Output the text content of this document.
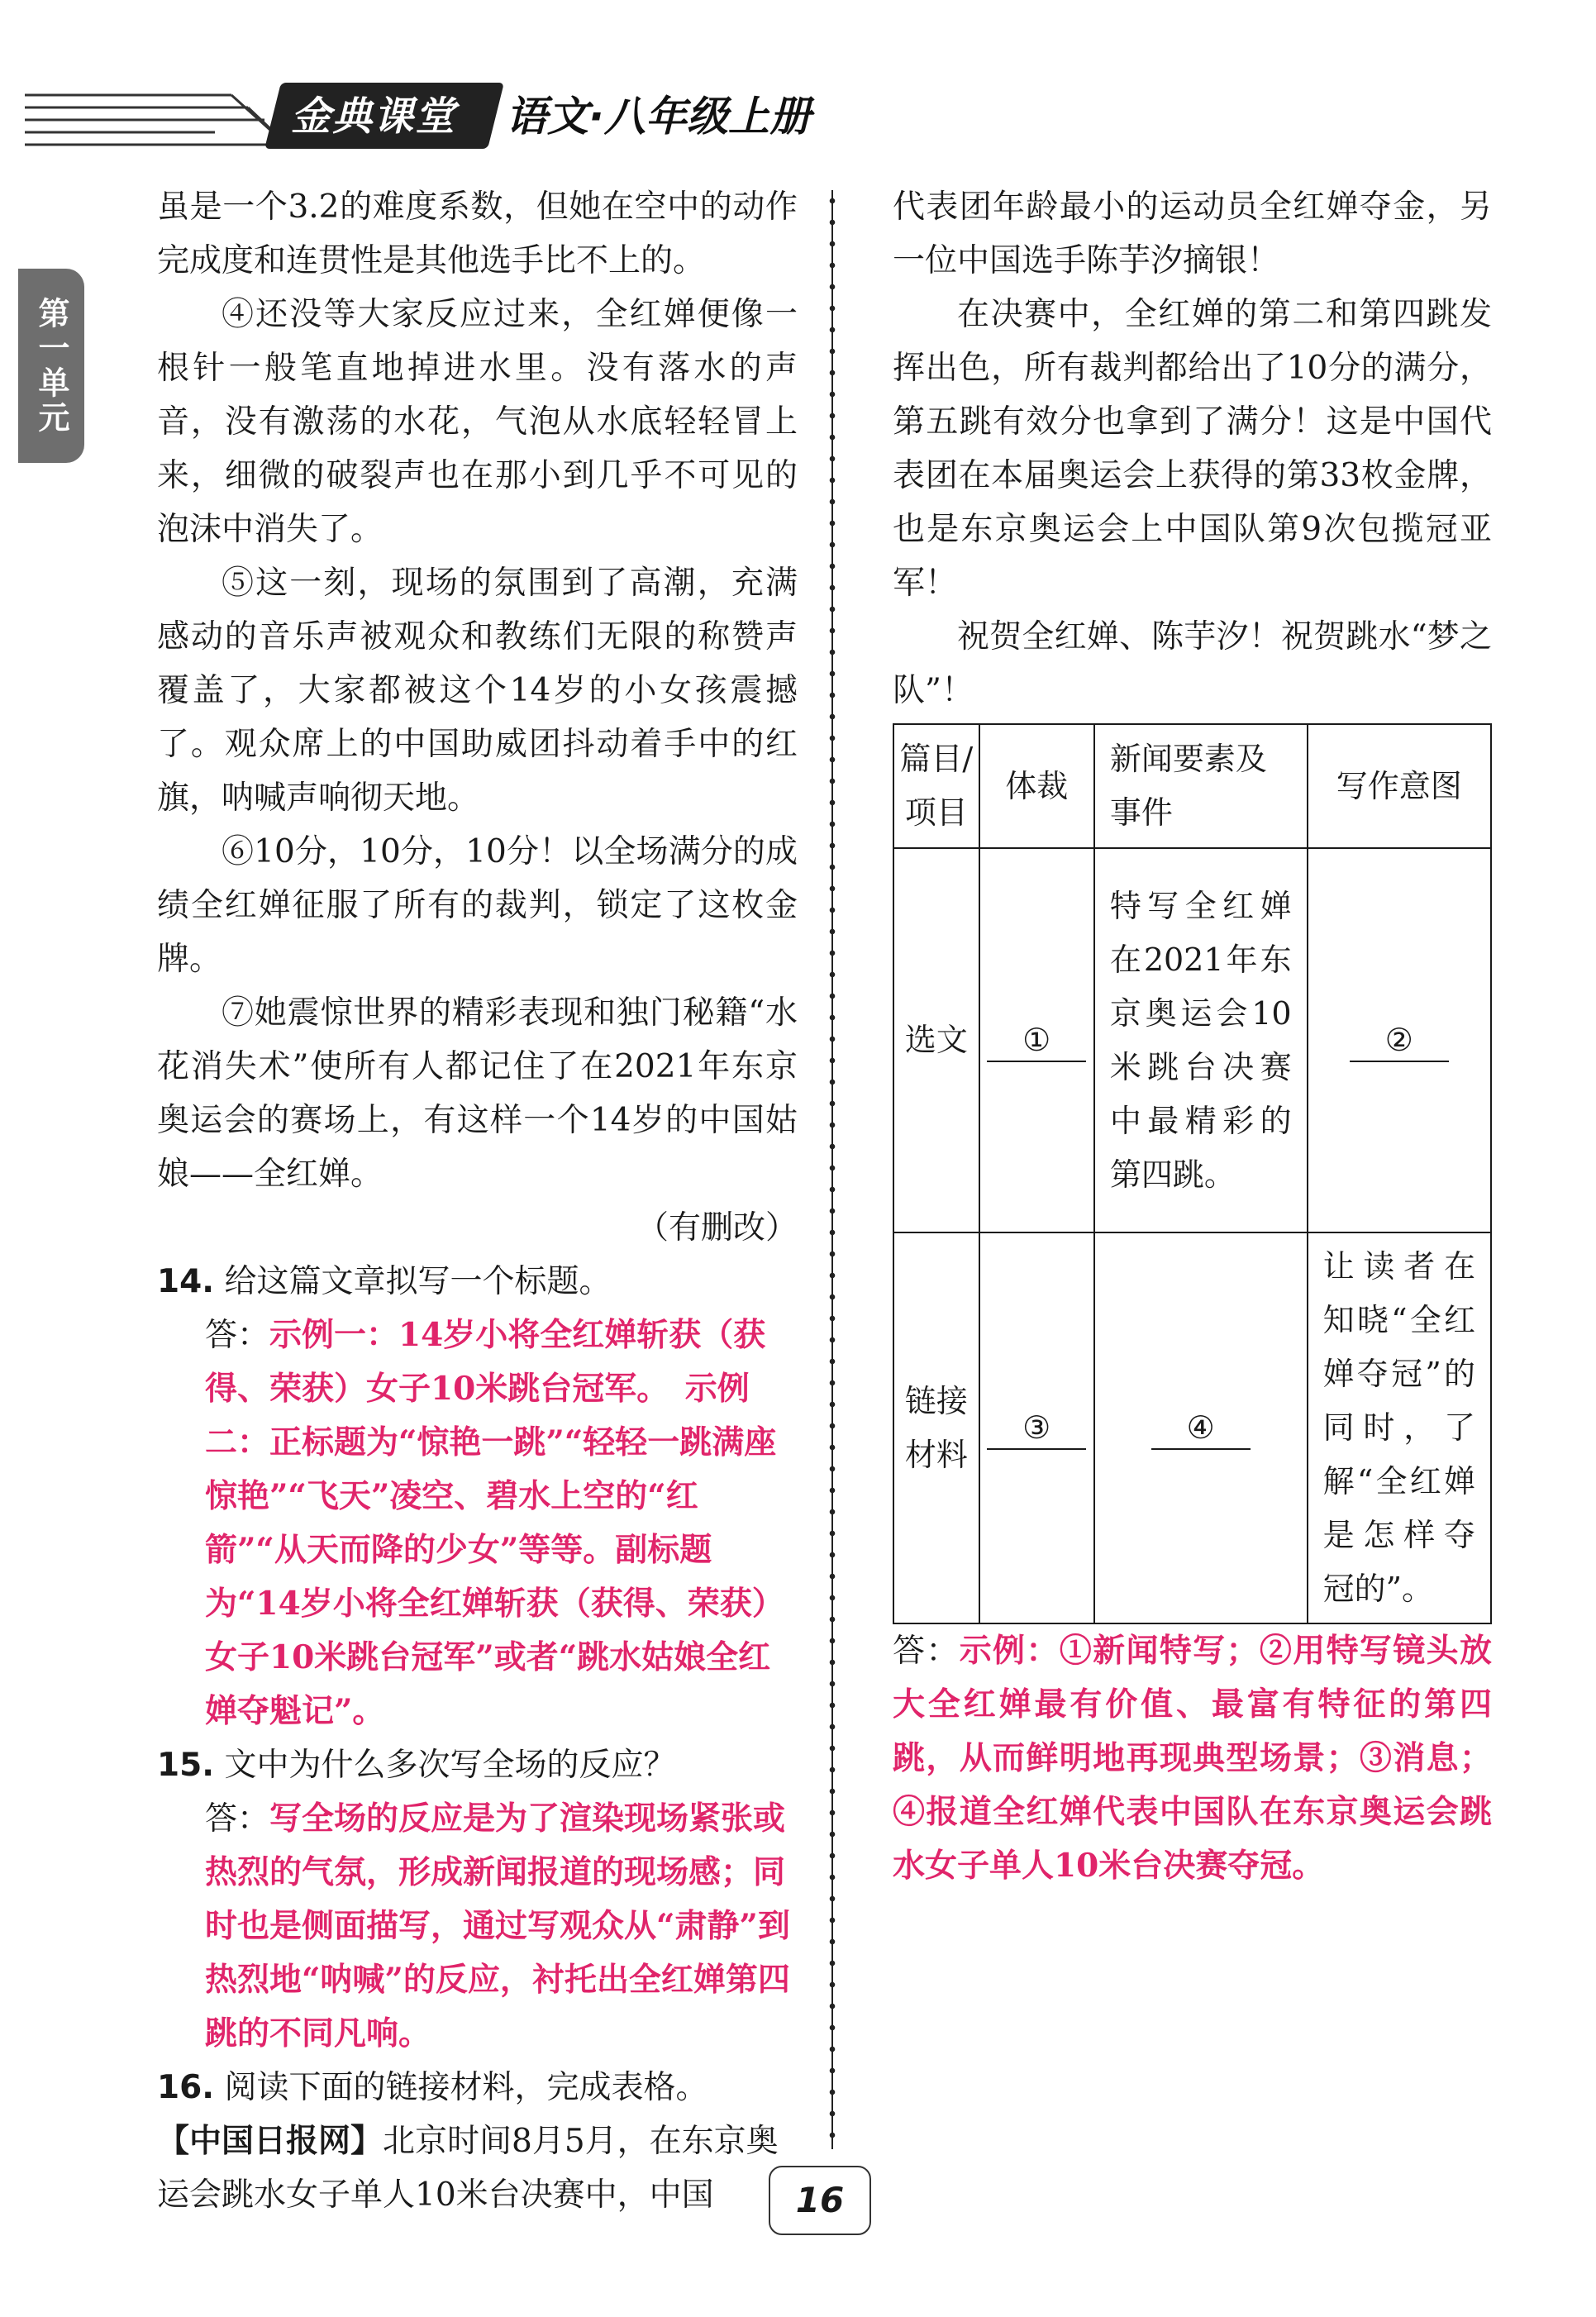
金典课堂	语文·八年级上册
第一单元

虽是一个3.2的难度系数，但她在空中的动作完成度和连贯性是其他选手比不上的。

④还没等大家反应过来，全红婵便像一根针一般笔直地掉进水里。没有落水的声音，没有激荡的水花，气泡从水底轻轻冒上来，细微的破裂声也在那小到几乎不可见的泡沫中消失了。

⑤这一刻，现场的氛围到了高潮，充满感动的音乐声被观众和教练们无限的称赞声覆盖了，大家都被这个14岁的小女孩震撼了。观众席上的中国助威团抖动着手中的红旗，呐喊声响彻天地。

⑥10分，10分，10分！以全场满分的成绩全红婵征服了所有的裁判，锁定了这枚金牌。

⑦她震惊世界的精彩表现和独门秘籍“水花消失术”使所有人都记住了在2021年东京奥运会的赛场上，有这样一个14岁的中国姑娘——全红婵。

（有删改）

14. 给这篇文章拟写一个标题。

答：示例一：14岁小将全红婵斩获（获得、荣获）女子10米跳台冠军。　示例二：正标题为“惊艳一跳”“轻轻一跳满座惊艳”“飞天”凌空、碧水上空的“红箭”“从天而降的少女”等等。副标题为“14岁小将全红婵斩获（获得、荣获）女子10米跳台冠军”或者“跳水姑娘全红婵夺魁记”。

15. 文中为什么多次写全场的反应？

答：写全场的反应是为了渲染现场紧张或热烈的气氛，形成新闻报道的现场感；同时也是侧面描写，通过写观众从“肃静”到热烈地“呐喊”的反应，衬托出全红婵第四跳的不同凡响。

16. 阅读下面的链接材料，完成表格。

【中国日报网】北京时间8月5月，在东京奥运会跳水女子单人10米台决赛中，中国

代表团年龄最小的运动员全红婵夺金，另一位中国选手陈芋汐摘银！

在决赛中，全红婵的第二和第四跳发挥出色，所有裁判都给出了10分的满分，第五跳有效分也拿到了满分！这是中国代表团在本届奥运会上获得的第33枚金牌，也是东京奥运会上中国队第9次包揽冠亚军！

祝贺全红婵、陈芋汐！祝贺跳水“梦之队”！

篇目/项目	体裁	新闻要素及事件	写作意图
选文	①	特写全红婵在2021年东京奥运会10米跳台决赛中最精彩的第四跳。	②
链接材料	③	④	让读者在知晓“全红婵夺冠”的同时，了解“全红婵是怎样夺冠的”。

答：示例：①新闻特写；②用特写镜头放大全红婵最有价值、最富有特征的第四跳，从而鲜明地再现典型场景；③消息；④报道全红婵代表中国队在东京奥运会跳水女子单人10米台决赛夺冠。

16
